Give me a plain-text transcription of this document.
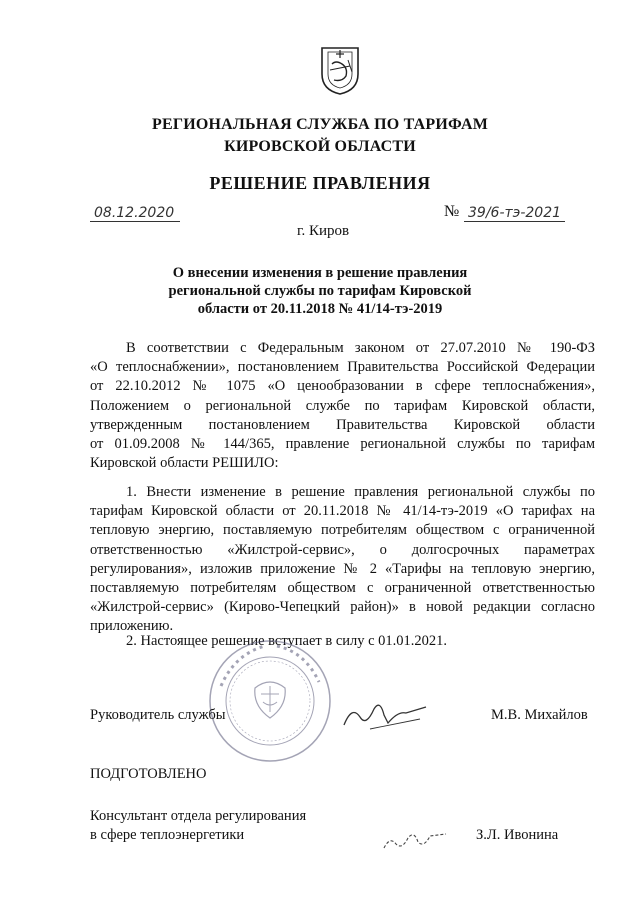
РЕГИОНАЛЬНАЯ СЛУЖБА ПО ТАРИФАМ
КИРОВСКОЙ ОБЛАСТИ
РЕШЕНИЕ ПРАВЛЕНИЯ
08.12.2020	№ 39/6-тэ-2021
г. Киров
О внесении изменения в решение правления
региональной службы по тарифам Кировской
области от 20.11.2018 № 41/14-тэ-2019
В соответствии с Федеральным законом от 27.07.2010 № 190-ФЗ
«О теплоснабжении», постановлением Правительства Российской Федерации
от 22.10.2012 № 1075 «О ценообразовании в сфере теплоснабжения»,
Положением о региональной службе по тарифам Кировской области,
утвержденным постановлением Правительства Кировской области
от 01.09.2008 № 144/365, правление региональной службы по тарифам
Кировской области РЕШИЛО:
1. Внести изменение в решение правления региональной службы по
тарифам Кировской области от 20.11.2018 № 41/14-тэ-2019 «О тарифах на
тепловую энергию, поставляемую потребителям обществом с ограниченной
ответственностью «Жилстрой-сервис», о долгосрочных параметрах
регулирования», изложив приложение № 2 «Тарифы на тепловую энергию,
поставляемую потребителям обществом с ограниченной ответственностью
«Жилстрой-сервис» (Кирово-Чепецкий район)» в новой редакции согласно
приложению.
2. Настоящее решение вступает в силу с 01.01.2021.
Руководитель службы	М.В. Михайлов
ПОДГОТОВЛЕНО
Консультант отдела регулирования
в сфере теплоэнергетики	З.Л. Ивонина
